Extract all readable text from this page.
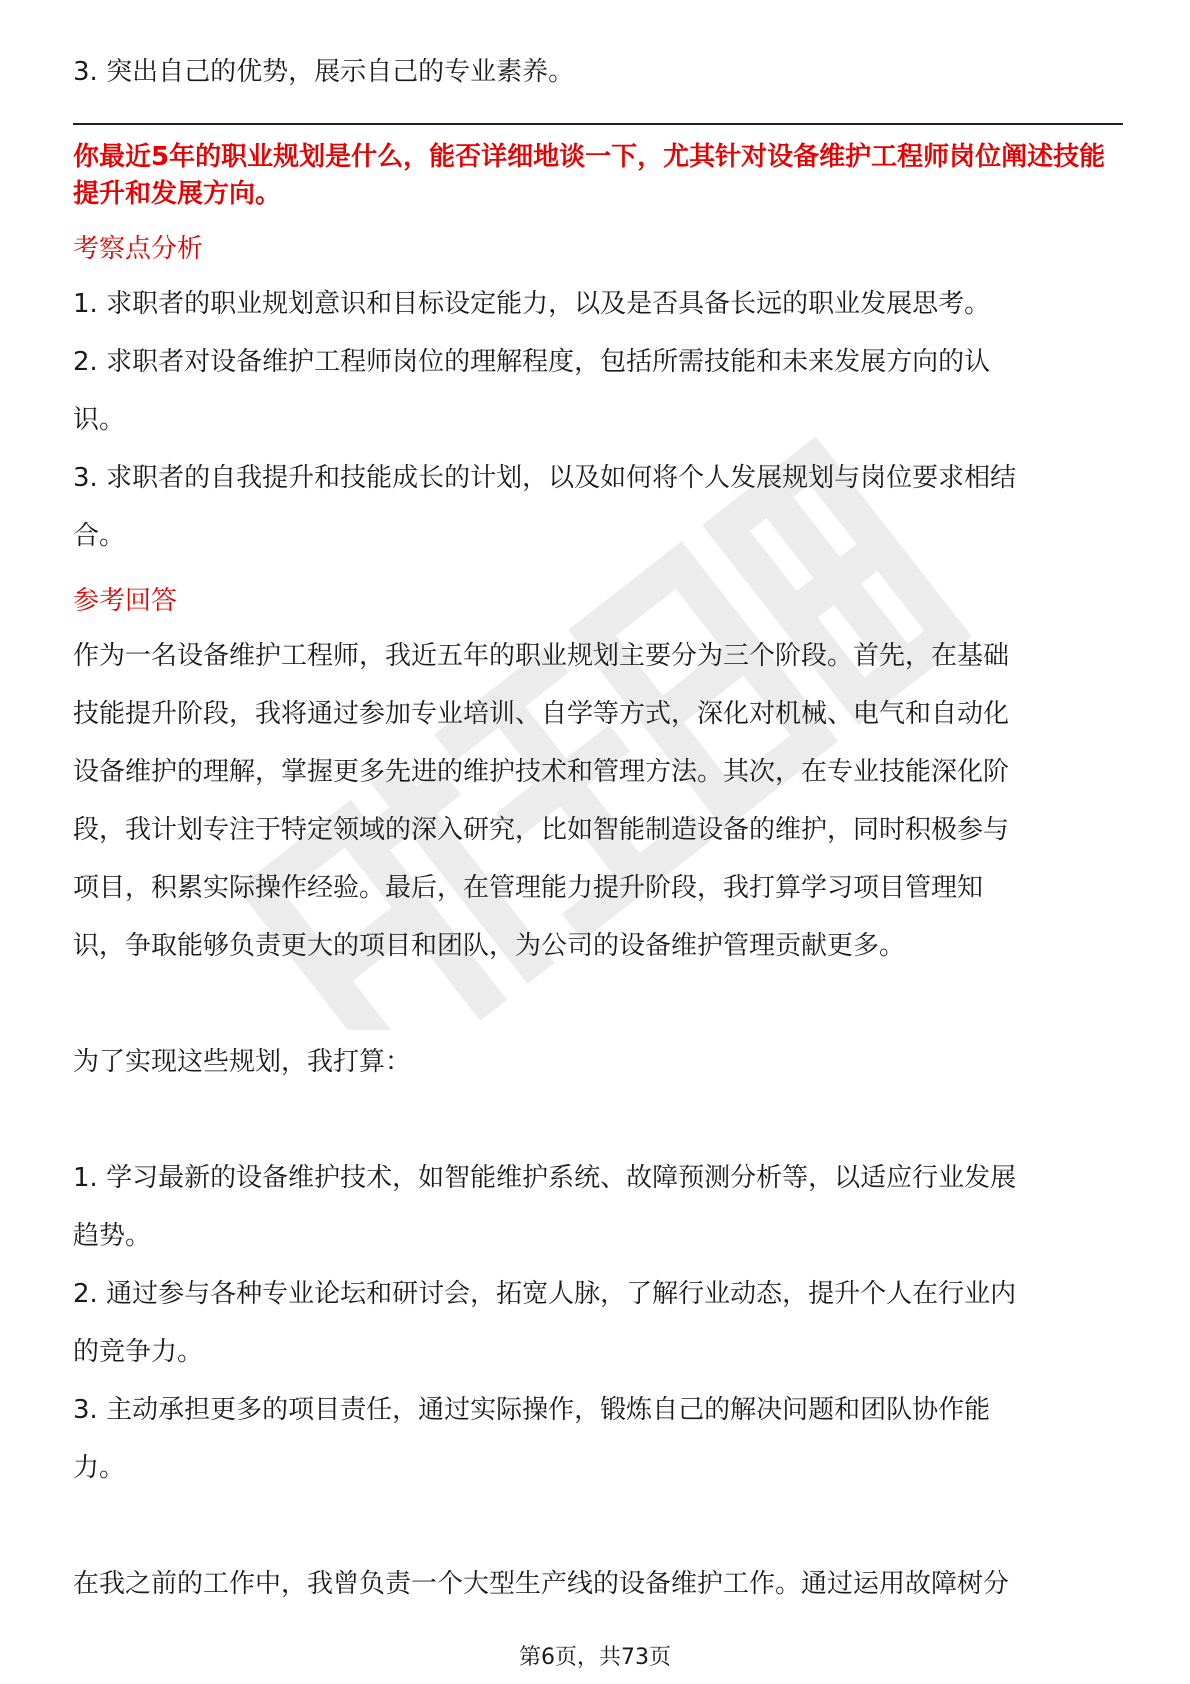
3. 突出自己的优势，展示自己的专业素养。

你最近5年的职业规划是什么，能否详细地谈一下，尤其针对设备维护工程师岗位阐述技能提升和发展方向。

考察点分析

1. 求职者的职业规划意识和目标设定能力，以及是否具备长远的职业发展思考。

2. 求职者对设备维护工程师岗位的理解程度，包括所需技能和未来发展方向的认

识。

3. 求职者的自我提升和技能成长的计划，以及如何将个人发展规划与岗位要求相结

合。

参考回答

作为一名设备维护工程师，我近五年的职业规划主要分为三个阶段。首先，在基础

技能提升阶段，我将通过参加专业培训、自学等方式，深化对机械、电气和自动化

设备维护的理解，掌握更多先进的维护技术和管理方法。其次，在专业技能深化阶

段，我计划专注于特定领域的深入研究，比如智能制造设备的维护，同时积极参与

项目，积累实际操作经验。最后，在管理能力提升阶段，我打算学习项目管理知

识，争取能够负责更大的项目和团队，为公司的设备维护管理贡献更多。

为了实现这些规划，我打算：

1. 学习最新的设备维护技术，如智能维护系统、故障预测分析等，以适应行业发展

趋势。

2. 通过参与各种专业论坛和研讨会，拓宽人脉，了解行业动态，提升个人在行业内

的竞争力。

3. 主动承担更多的项目责任，通过实际操作，锻炼自己的解决问题和团队协作能

力。

在我之前的工作中，我曾负责一个大型生产线的设备维护工作。通过运用故障树分

第6页，共73页
